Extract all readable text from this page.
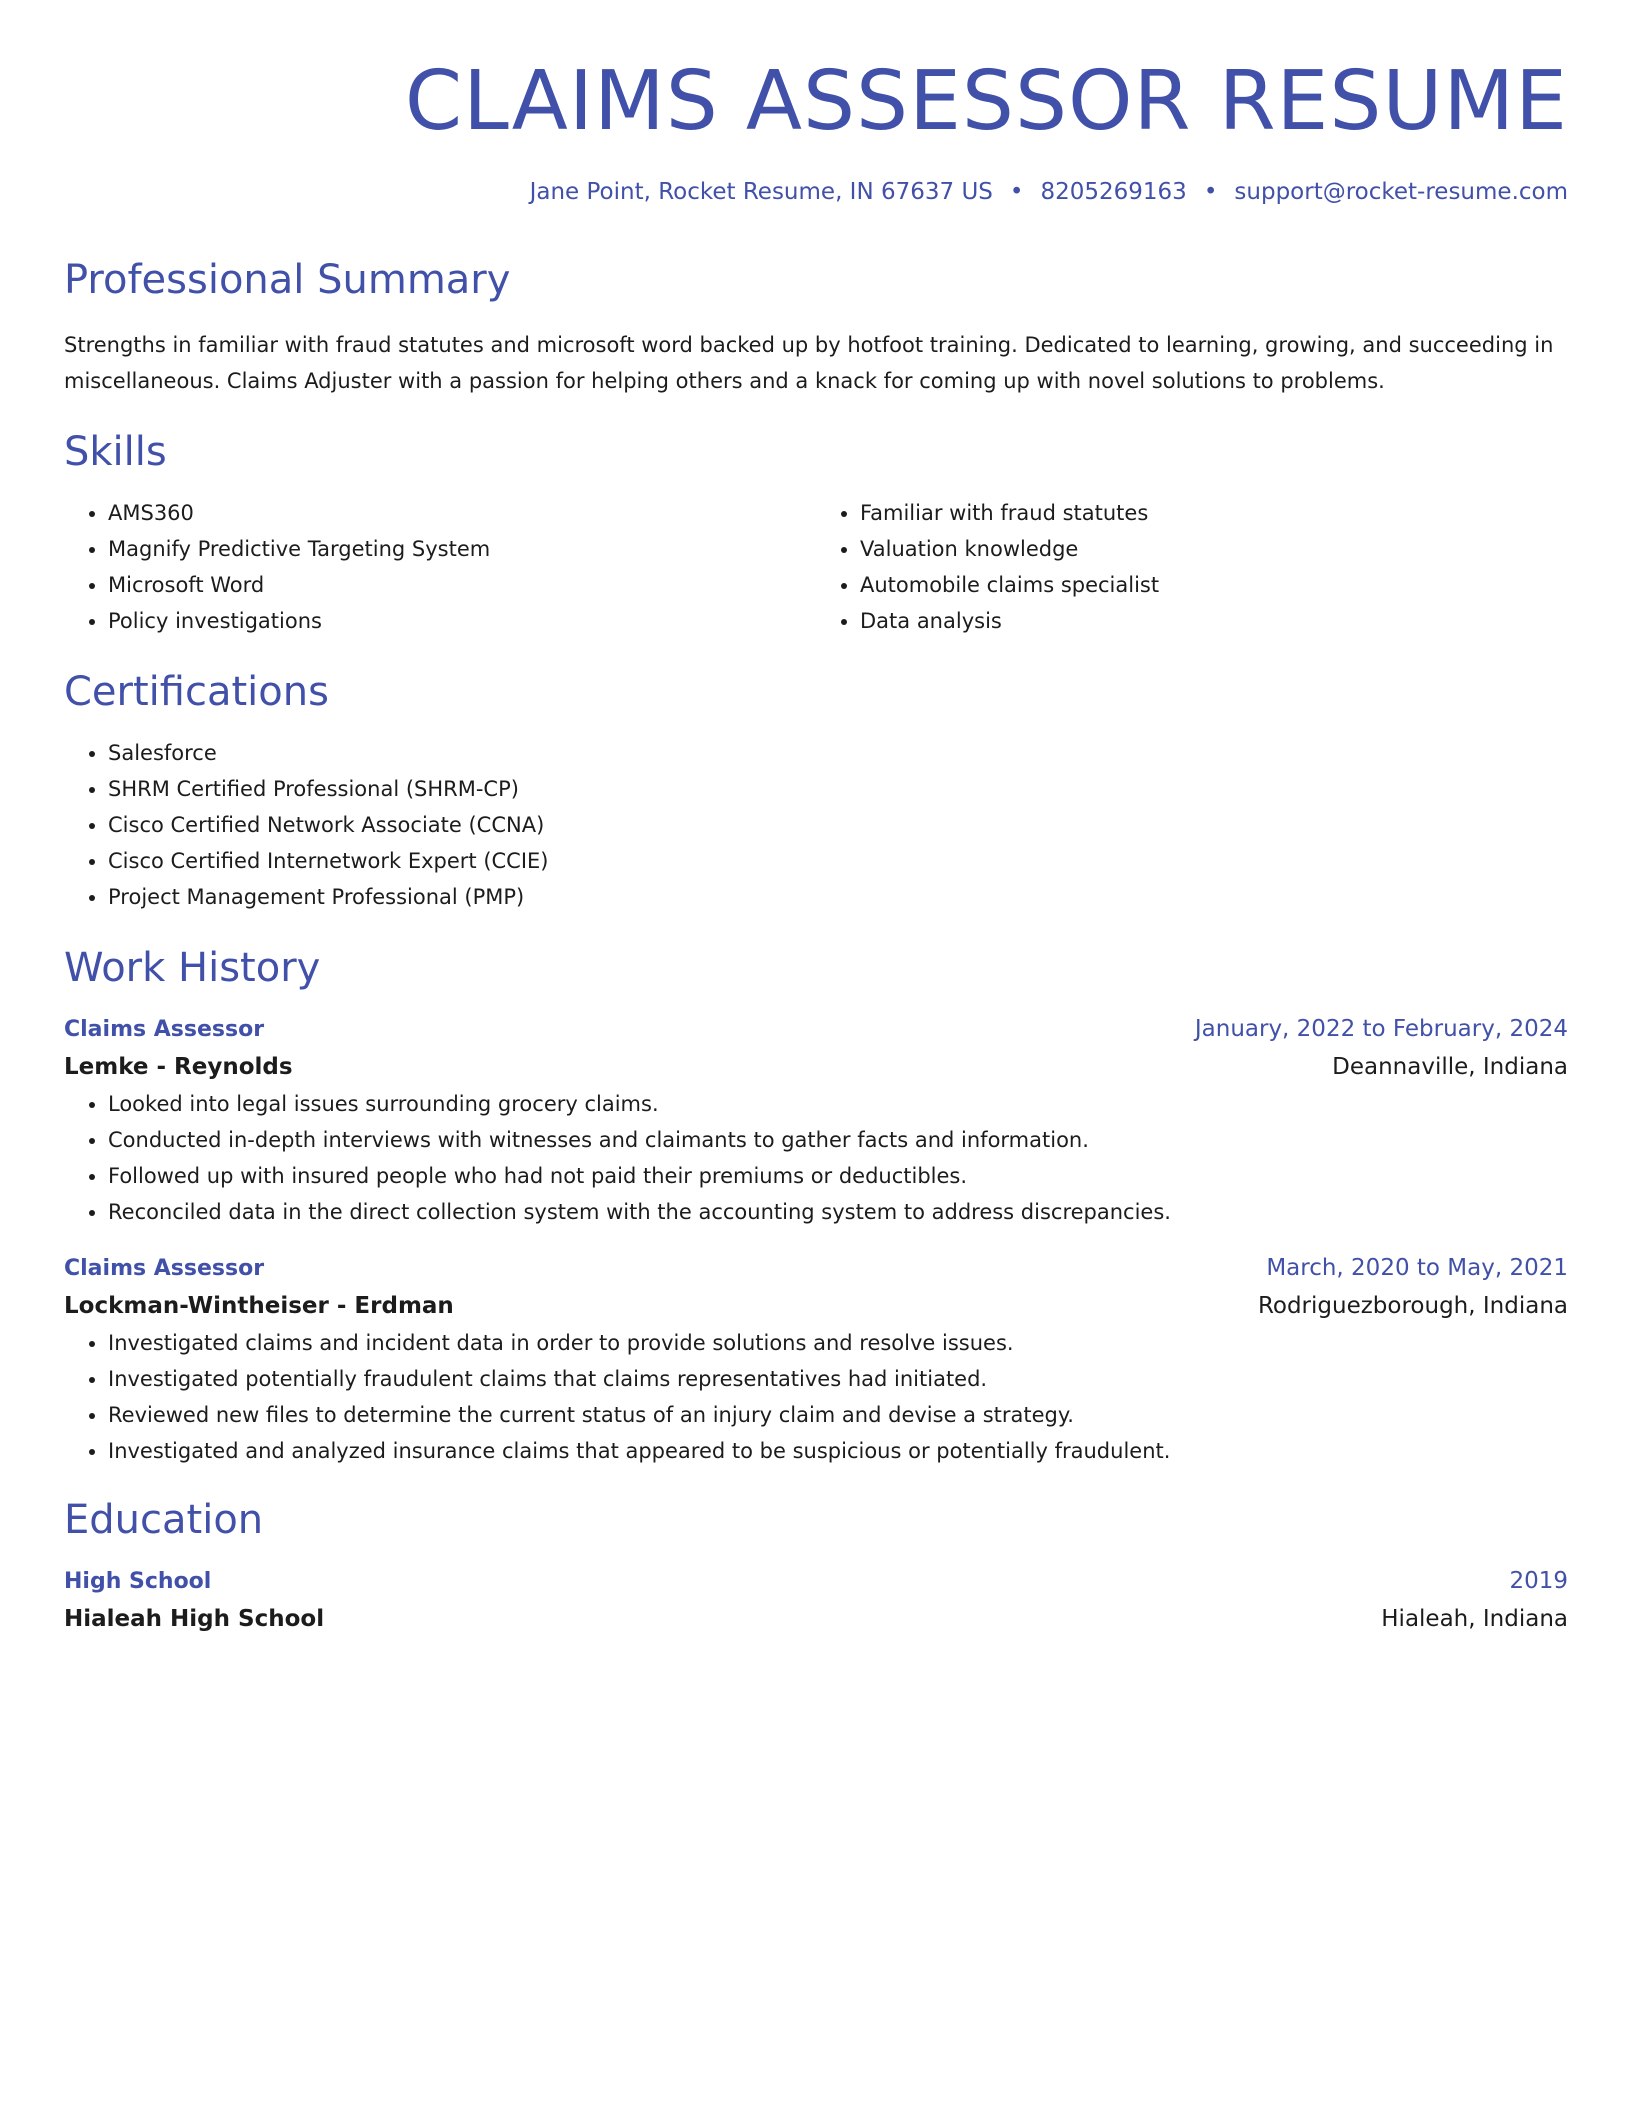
CLAIMS ASSESSOR RESUME
Jane Point, Rocket Resume, IN 67637 US • 8205269163 • support@rocket-resume.com
Professional Summary
Strengths in familiar with fraud statutes and microsoft word backed up by hotfoot training. Dedicated to learning, growing, and succeeding in miscellaneous. Claims Adjuster with a passion for helping others and a knack for coming up with novel solutions to problems.
Skills
• AMS360
• Magnify Predictive Targeting System
• Microsoft Word
• Policy investigations
• Familiar with fraud statutes
• Valuation knowledge
• Automobile claims specialist
• Data analysis
Certifications
• Salesforce
• SHRM Certified Professional (SHRM-CP)
• Cisco Certified Network Associate (CCNA)
• Cisco Certified Internetwork Expert (CCIE)
• Project Management Professional (PMP)
Work History
Claims Assessor	January, 2022 to February, 2024
Lemke - Reynolds	Deannaville, Indiana
• Looked into legal issues surrounding grocery claims.
• Conducted in-depth interviews with witnesses and claimants to gather facts and information.
• Followed up with insured people who had not paid their premiums or deductibles.
• Reconciled data in the direct collection system with the accounting system to address discrepancies.
Claims Assessor	March, 2020 to May, 2021
Lockman-Wintheiser - Erdman	Rodriguezborough, Indiana
• Investigated claims and incident data in order to provide solutions and resolve issues.
• Investigated potentially fraudulent claims that claims representatives had initiated.
• Reviewed new files to determine the current status of an injury claim and devise a strategy.
• Investigated and analyzed insurance claims that appeared to be suspicious or potentially fraudulent.
Education
High School	2019
Hialeah High School	Hialeah, Indiana
